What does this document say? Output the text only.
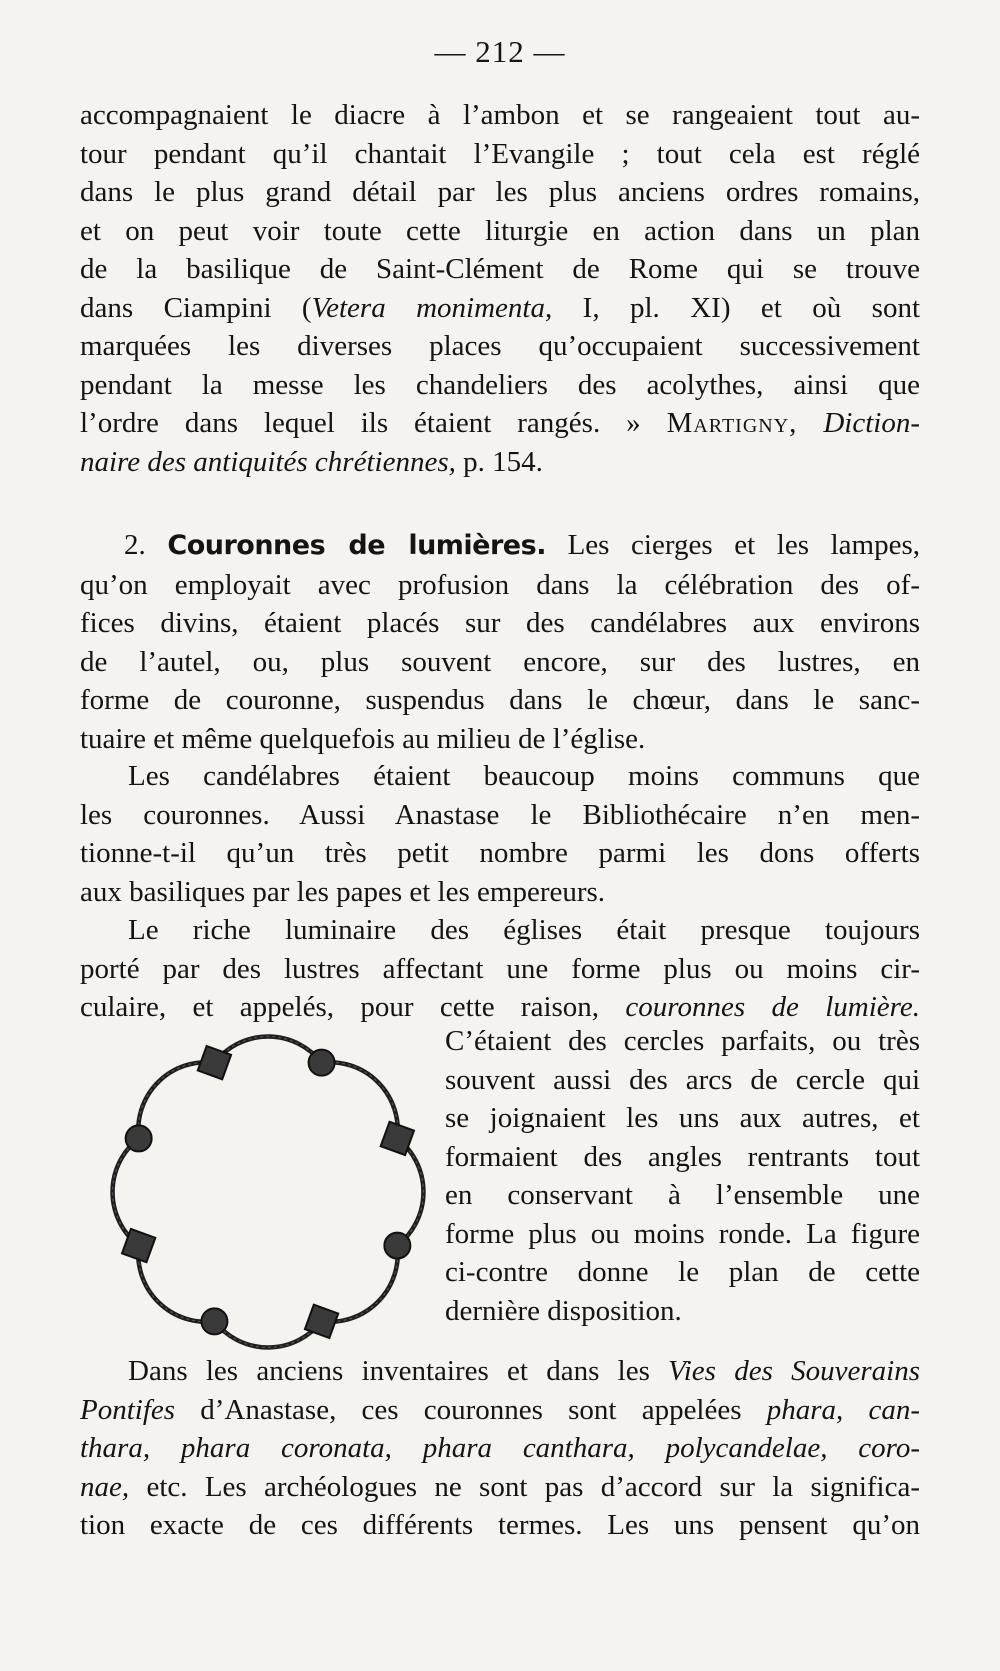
— 212 —
accompagnaient le diacre à l’ambon et se rangeaient tout au-
tour pendant qu’il chantait l’Evangile ; tout cela est réglé
dans le plus grand détail par les plus anciens ordres romains,
et on peut voir toute cette liturgie en action dans un plan
de la basilique de Saint-Clément de Rome qui se trouve
dans Ciampini (Vetera monimenta, I, pl. XI) et où sont
marquées les diverses places qu’occupaient successivement
pendant la messe les chandeliers des acolythes, ainsi que
l’ordre dans lequel ils étaient rangés. » Martigny, Diction-
naire des antiquités chrétiennes, p. 154.
2. Couronnes de lumières. Les cierges et les lampes,
qu’on employait avec profusion dans la célébration des of-
fices divins, étaient placés sur des candélabres aux environs
de l’autel, ou, plus souvent encore, sur des lustres, en
forme de couronne, suspendus dans le chœur, dans le sanc-
tuaire et même quelquefois au milieu de l’église.
Les candélabres étaient beaucoup moins communs que
les couronnes. Aussi Anastase le Bibliothécaire n’en men-
tionne-t-il qu’un très petit nombre parmi les dons offerts
aux basiliques par les papes et les empereurs.
Le riche luminaire des églises était presque toujours
porté par des lustres affectant une forme plus ou moins cir-
culaire, et appelés, pour cette raison, couronnes de lumière.
C’étaient des cercles parfaits, ou très
souvent aussi des arcs de cercle qui
se joignaient les uns aux autres, et
formaient des angles rentrants tout
en conservant à l’ensemble une
forme plus ou moins ronde. La figure
ci-contre donne le plan de cette
dernière disposition.
Dans les anciens inventaires et dans les Vies des Souverains
Pontifes d’Anastase, ces couronnes sont appelées phara, can-
thara, phara coronata, phara canthara, polycandelae, coro-
nae, etc. Les archéologues ne sont pas d’accord sur la significa-
tion exacte de ces différents termes. Les uns pensent qu’on
